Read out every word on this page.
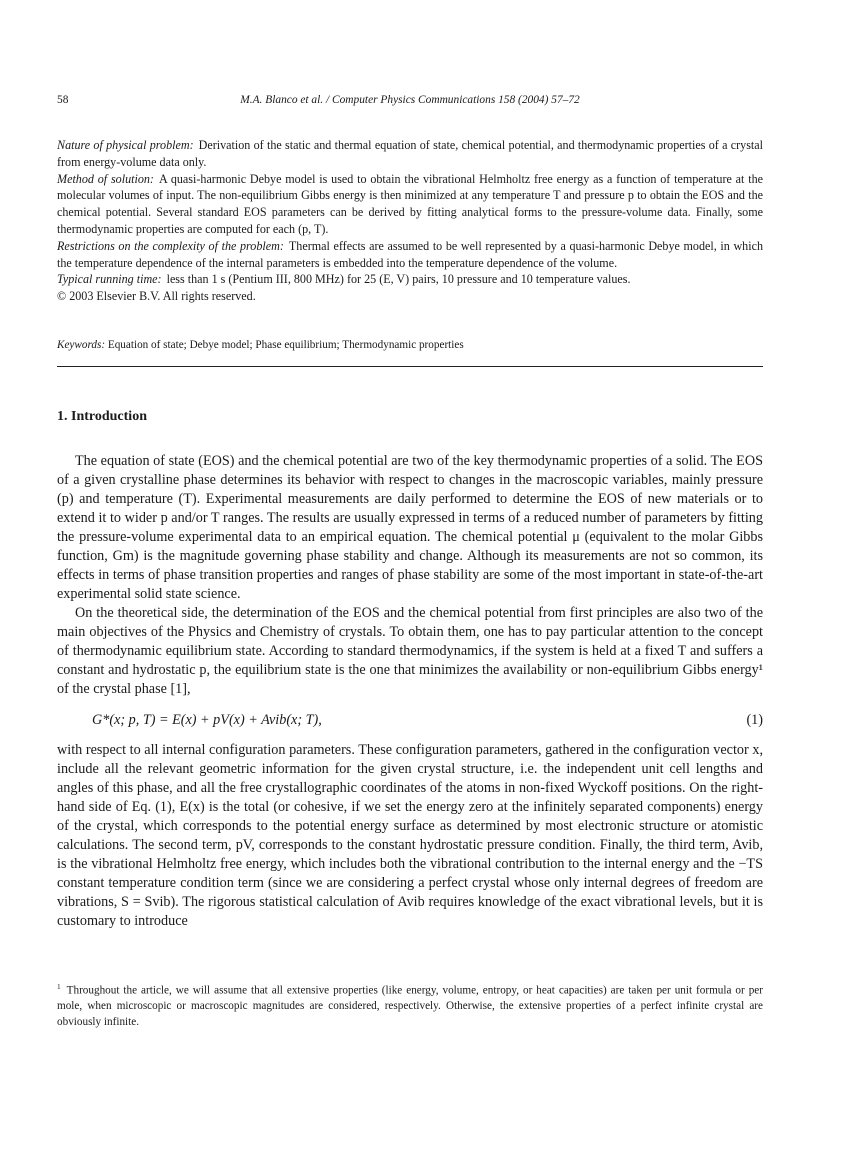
58	M.A. Blanco et al. / Computer Physics Communications 158 (2004) 57–72

Nature of physical problem: Derivation of the static and thermal equation of state, chemical potential, and thermodynamic properties of a crystal from energy-volume data only.

Method of solution: A quasi-harmonic Debye model is used to obtain the vibrational Helmholtz free energy as a function of temperature at the molecular volumes of input. The non-equilibrium Gibbs energy is then minimized at any temperature T and pressure p to obtain the EOS and the chemical potential. Several standard EOS parameters can be derived by fitting analytical forms to the pressure-volume data. Finally, some thermodynamic properties are computed for each (p, T).

Restrictions on the complexity of the problem: Thermal effects are assumed to be well represented by a quasi-harmonic Debye model, in which the temperature dependence of the internal parameters is embedded into the temperature dependence of the volume.

Typical running time: less than 1 s (Pentium III, 800 MHz) for 25 (E, V) pairs, 10 pressure and 10 temperature values.

© 2003 Elsevier B.V. All rights reserved.

Keywords: Equation of state; Debye model; Phase equilibrium; Thermodynamic properties
1. Introduction

The equation of state (EOS) and the chemical potential are two of the key thermodynamic properties of a solid. The EOS of a given crystalline phase determines its behavior with respect to changes in the macroscopic variables, mainly pressure (p) and temperature (T). Experimental measurements are daily performed to determine the EOS of new materials or to extend it to wider p and/or T ranges. The results are usually expressed in terms of a reduced number of parameters by fitting the pressure-volume experimental data to an empirical equation. The chemical potential μ (equivalent to the molar Gibbs function, Gm) is the magnitude governing phase stability and change. Although its measurements are not so common, its effects in terms of phase transition properties and ranges of phase stability are some of the most important in state-of-the-art experimental solid state science.

On the theoretical side, the determination of the EOS and the chemical potential from first principles are also two of the main objectives of the Physics and Chemistry of crystals. To obtain them, one has to pay particular attention to the concept of thermodynamic equilibrium state. According to standard thermodynamics, if the system is held at a fixed T and suffers a constant and hydrostatic p, the equilibrium state is the one that minimizes the availability or non-equilibrium Gibbs energy¹ of the crystal phase [1],

G*(x; p, T) = E(x) + pV(x) + Avib(x; T),	(1)

with respect to all internal configuration parameters. These configuration parameters, gathered in the configuration vector x, include all the relevant geometric information for the given crystal structure, i.e. the independent unit cell lengths and angles of this phase, and all the free crystallographic coordinates of the atoms in non-fixed Wyckoff positions. On the right-hand side of Eq. (1), E(x) is the total (or cohesive, if we set the energy zero at the infinitely separated components) energy of the crystal, which corresponds to the potential energy surface as determined by most electronic structure or atomistic calculations. The second term, pV, corresponds to the constant hydrostatic pressure condition. Finally, the third term, Avib, is the vibrational Helmholtz free energy, which includes both the vibrational contribution to the internal energy and the −TS constant temperature condition term (since we are considering a perfect crystal whose only internal degrees of freedom are vibrations, S = Svib). The rigorous statistical calculation of Avib requires knowledge of the exact vibrational levels, but it is customary to introduce

$^1$ Throughout the article, we will assume that all extensive properties (like energy, volume, entropy, or heat capacities) are taken per unit formula or per mole, when microscopic or macroscopic magnitudes are considered, respectively. Otherwise, the extensive properties of a perfect infinite crystal are obviously infinite.
